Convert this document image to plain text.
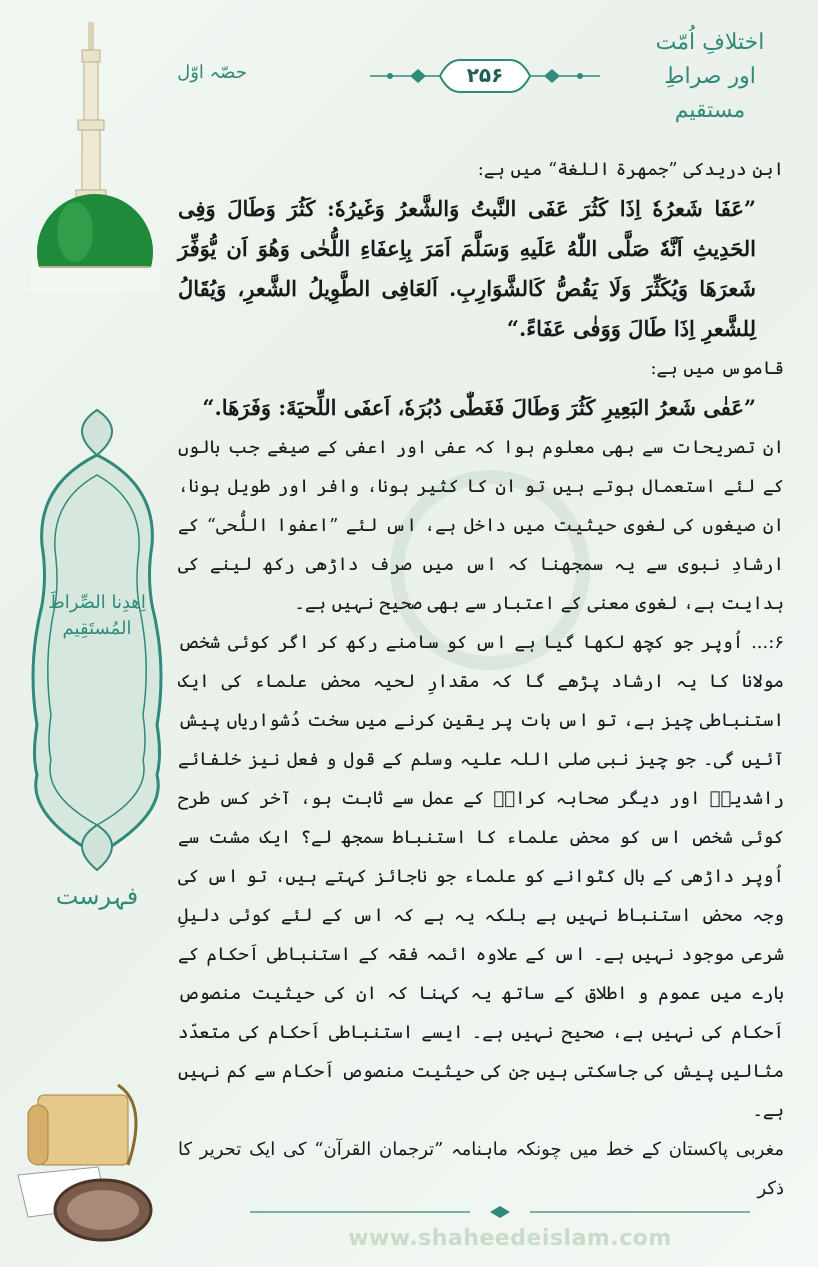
اختلافِ اُمّت
اور صراطِ مستقیم
۲۵۶
حصّہ اوّل
اِھدِنا الصِّراطَ المُستَقِیم
فہرست

ابنِ دریدکی ”جمهرة اللغة“ میں ہے:

”عَفَا شَعرُهٗ اِذَا كَثُرَ عَفَى النَّبتُ وَالشَّعرُ وَغَيرُهٗ: كَثُرَ وَطَالَ وَفِى الحَدِيثِ اَنَّهٗ صَلَّى اللّٰهُ عَلَيهِ وَسَلَّمَ اَمَرَ بِاِعفَاءِ اللُّحٰى وَهُوَ اَن يُّوَفِّرَ شَعرَهَا وَيُكَثِّرَ وَلَا يَقُصُّ كَالشَّوَارِبِ. اَلعَافِى الطَّوِيلُ الشَّعرِ، وَيُقَالُ لِلشَّعرِ اِذَا طَالَ وَوَفٰى عَفَاءً.“

قاموس میں ہے:

”عَفٰى شَعرُ البَعِيرِ كَثُرَ وَطَالَ فَغَطّٰى دُبُرَهٗ، اَعفَى اللِّحيَةَ: وَفَرَهَا.“

ان تصریحات سے بھی معلوم ہوا کہ عفی اور اعفی کے صیغے جب بالوں کے لئے استعمال ہوتے ہیں تو ان کا کثیر ہونا، وافر اور طویل ہونا، ان صیغوں کی لغوی حیثیت میں داخل ہے، اس لئے ”اعفوا اللُّحی“ کے ارشادِ نبوی سے یہ سمجھنا کہ اس میں صرف داڑھی رکھ لینے کی ہدایت ہے، لغوی معنی کے اعتبار سے بھی صحیح نہیں ہے۔

۶:... اُوپر جو کچھ لکھا گیا ہے اس کو سامنے رکھ کر اگر کوئی شخص مولانا کا یہ ارشاد پڑھے گا کہ مقدارِ لحیہ محض علماء کی ایک استنباطی چیز ہے، تو اس بات پر یقین کرنے میں سخت دُشواریاں پیش آئیں گی۔ جو چیز نبی صلی اللہ علیہ وسلم کے قول و فعل نیز خلفائے راشدینؓ اور دیگر صحابہ کرامؓ کے عمل سے ثابت ہو، آخر کس طرح کوئی شخص اس کو محض علماء کا استنباط سمجھ لے؟ ایک مشت سے اُوپر داڑھی کے بال کٹوانے کو علماء جو ناجائز کہتے ہیں، تو اس کی وجہ محض استنباط نہیں ہے بلکہ یہ ہے کہ اس کے لئے کوئی دلیلِ شرعی موجود نہیں ہے۔ اس کے علاوہ ائمہ فقہ کے استنباطی اَحکام کے بارے میں عموم و اطلاق کے ساتھ یہ کہنا کہ ان کی حیثیت منصوص اَحکام کی نہیں ہے، صحیح نہیں ہے۔ ایسے استنباطی اَحکام کی متعدّد مثالیں پیش کی جاسکتی ہیں جن کی حیثیت منصوص اَحکام سے کم نہیں ہے۔

مغربی پاکستان کے خط میں چونکہ ماہنامہ ”ترجمان القرآن“ کی ایک تحریر کا ذکر

www.shaheedeislam.com
